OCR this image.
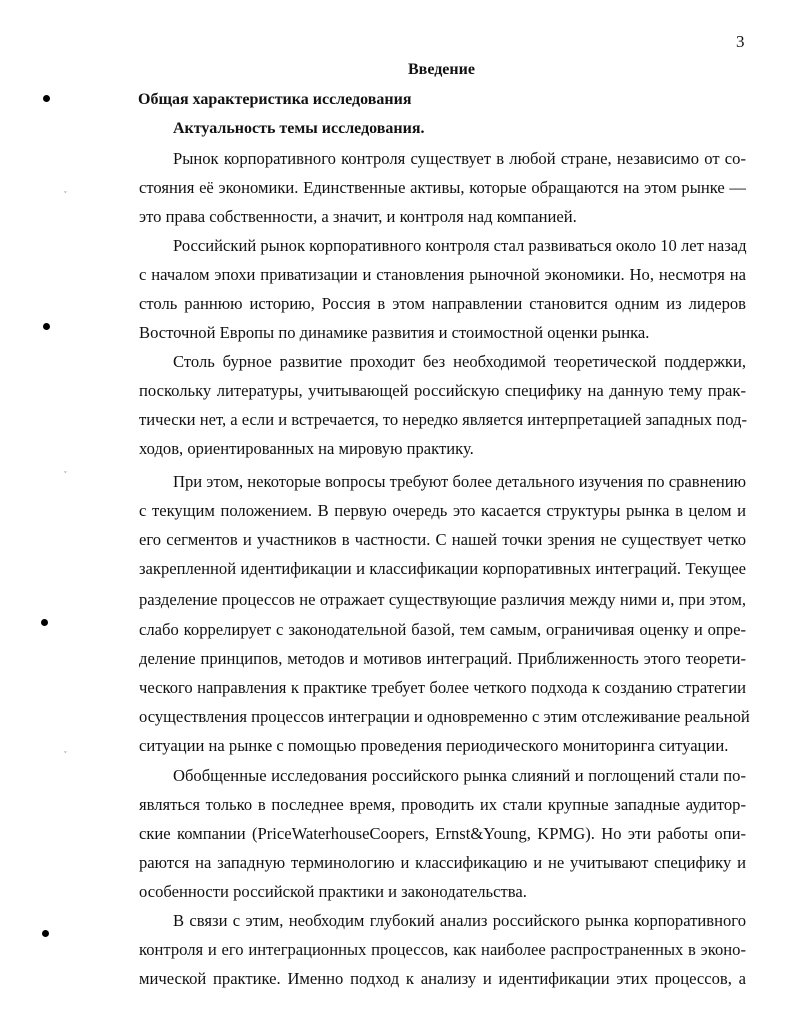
3
Введение
Общая характеристика исследования
Актуальность темы исследования.
ˇ
ˇ
ˇ
Рынок корпоративного контроля существует в любой стране, независимо от со-
стояния её экономики. Единственные активы, которые обращаются на этом рынке —
это права собственности, а значит, и контроля над компанией.
Российский рынок корпоративного контроля стал развиваться около 10 лет назад
с началом эпохи приватизации и становления рыночной экономики. Но, несмотря на
столь раннюю историю, Россия в этом направлении становится одним из лидеров
Восточной Европы по динамике развития и стоимостной оценки рынка.
Столь бурное развитие проходит без необходимой теоретической поддержки,
поскольку литературы, учитывающей российскую специфику на данную тему прак-
тически нет, а если и встречается, то нередко является интерпретацией западных под-
ходов, ориентированных на мировую практику.
При этом, некоторые вопросы требуют более детального изучения по сравнению
с текущим положением. В первую очередь это касается структуры рынка в целом и
его сегментов и участников в частности. С нашей точки зрения не существует четко
закрепленной идентификации и классификации корпоративных интеграций. Текущее
разделение процессов не отражает существующие различия между ними и, при этом,
слабо коррелирует с законодательной базой, тем самым, ограничивая оценку и опре-
деление принципов, методов и мотивов интеграций. Приближенность этого теорети-
ческого направления к практике требует более четкого подхода к созданию стратегии
осуществления процессов интеграции и одновременно с этим отслеживание реальной
ситуации на рынке с помощью проведения периодического мониторинга ситуации.
Обобщенные исследования российского рынка слияний и поглощений стали по-
являться только в последнее время, проводить их стали крупные западные аудитор-
ские компании (PriceWaterhouseCoopers, Ernst&Young, KPMG). Но эти работы опи-
раются на западную терминологию и классификацию и не учитывают специфику и
особенности российской практики и законодательства.
В связи с этим, необходим глубокий анализ российского рынка корпоративного
контроля и его интеграционных процессов, как наиболее распространенных в эконо-
мической практике. Именно подход к анализу и идентификации этих процессов, а
